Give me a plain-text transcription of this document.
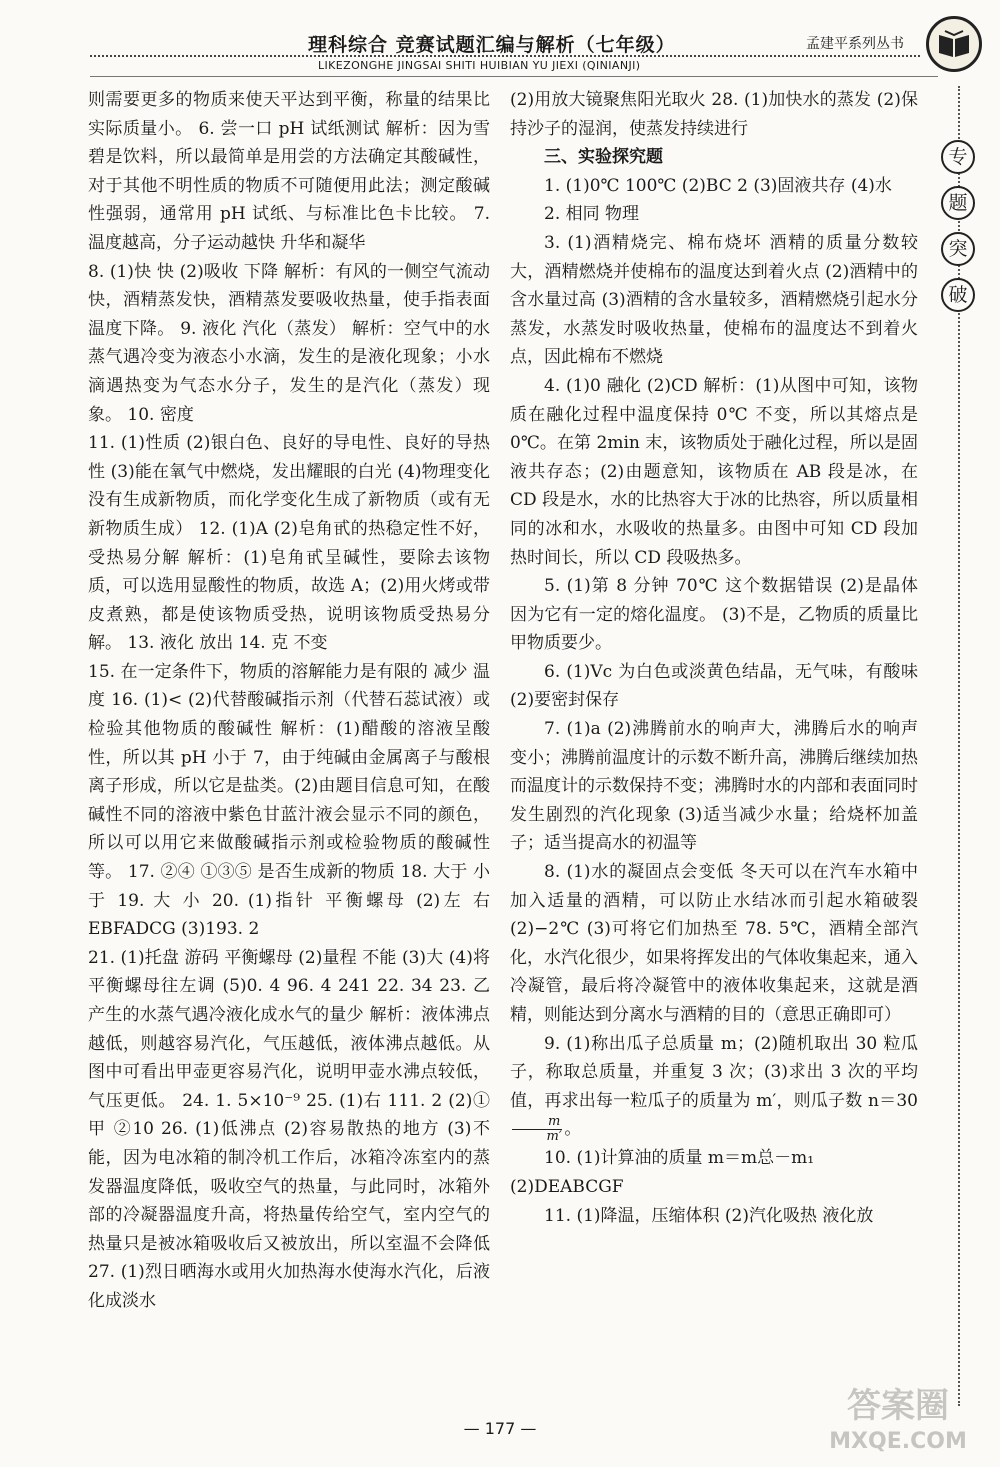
理科综合 竞赛试题汇编与解析（七年级）	孟建平系列丛书
LIKEZONGHE JINGSAI SHITI HUIBIAN YU JIEXI (QINIANJI)
专
题
突
破

则需要更多的物质来使天平达到平衡，称量的结果比实际质量小。 6. 尝一口 pH 试纸测试 解析：因为雪碧是饮料，所以最简单是用尝的方法确定其酸碱性，对于其他不明性质的物质不可随便用此法；测定酸碱性强弱，通常用 pH 试纸、与标准比色卡比较。 7. 温度越高，分子运动越快 升华和凝华

8. (1)快 快 (2)吸收 下降 解析：有风的一侧空气流动快，酒精蒸发快，酒精蒸发要吸收热量，使手指表面温度下降。 9. 液化 汽化（蒸发） 解析：空气中的水蒸气遇冷变为液态小水滴，发生的是液化现象；小水滴遇热变为气态水分子，发生的是汽化（蒸发）现象。 10. 密度

11. (1)性质 (2)银白色、良好的导电性、良好的导热性 (3)能在氧气中燃烧，发出耀眼的白光 (4)物理变化没有生成新物质，而化学变化生成了新物质（或有无新物质生成） 12. (1)A (2)皂角甙的热稳定性不好，受热易分解 解析：(1)皂角甙呈碱性，要除去该物质，可以选用显酸性的物质，故选 A；(2)用火烤或带皮煮熟，都是使该物质受热，说明该物质受热易分解。 13. 液化 放出 14. 克 不变

15. 在一定条件下，物质的溶解能力是有限的 减少 温度 16. (1)< (2)代替酸碱指示剂（代替石蕊试液）或检验其他物质的酸碱性 解析：(1)醋酸的溶液呈酸性，所以其 pH 小于 7，由于纯碱由金属离子与酸根离子形成，所以它是盐类。(2)由题目信息可知，在酸碱性不同的溶液中紫色甘蓝汁液会显示不同的颜色，所以可以用它来做酸碱指示剂或检验物质的酸碱性等。 17. ②④ ①③⑤ 是否生成新的物质 18. 大于 小于 19. 大 小 20. (1)指针 平衡螺母 (2)左 右 EBFADCG (3)193. 2

21. (1)托盘 游码 平衡螺母 (2)量程 不能 (3)大 (4)将平衡螺母往左调 (5)0. 4 96. 4 241 22. 34 23. 乙 产生的水蒸气遇冷液化成水气的量少 解析：液体沸点越低，则越容易汽化，气压越低，液体沸点越低。从图中可看出甲壶更容易汽化，说明甲壶水沸点较低，气压更低。 24. 1. 5×10⁻⁹ 25. (1)右 111. 2 (2)①甲 ②10 26. (1)低沸点 (2)容易散热的地方 (3)不能，因为电冰箱的制冷机工作后，冰箱冷冻室内的蒸发器温度降低，吸收空气的热量，与此同时，冰箱外部的冷凝器温度升高，将热量传给空气，室内空气的热量只是被冰箱吸收后又被放出，所以室温不会降低 27. (1)烈日晒海水或用火加热海水使海水汽化，后液化成淡水

(2)用放大镜聚焦阳光取火 28. (1)加快水的蒸发 (2)保持沙子的湿润，使蒸发持续进行

三、实验探究题

1. (1)0℃ 100℃ (2)BC 2 (3)固液共存 (4)水

2. 相同 物理

3. (1)酒精烧完、棉布烧坏 酒精的质量分数较大，酒精燃烧并使棉布的温度达到着火点 (2)酒精中的含水量过高 (3)酒精的含水量较多，酒精燃烧引起水分蒸发，水蒸发时吸收热量，使棉布的温度达不到着火点，因此棉布不燃烧

4. (1)0 融化 (2)CD 解析：(1)从图中可知，该物质在融化过程中温度保持 0℃ 不变，所以其熔点是 0℃。在第 2min 末，该物质处于融化过程，所以是固液共存态；(2)由题意知，该物质在 AB 段是冰，在 CD 段是水，水的比热容大于冰的比热容，所以质量相同的冰和水，水吸收的热量多。由图中可知 CD 段加热时间长，所以 CD 段吸热多。

5. (1)第 8 分钟 70℃ 这个数据错误 (2)是晶体 因为它有一定的熔化温度。 (3)不是，乙物质的质量比甲物质要少。

6. (1)Vc 为白色或淡黄色结晶，无气味，有酸味 (2)要密封保存

7. (1)a (2)沸腾前水的响声大，沸腾后水的响声变小；沸腾前温度计的示数不断升高，沸腾后继续加热而温度计的示数保持不变；沸腾时水的内部和表面同时发生剧烈的汽化现象 (3)适当减少水量；给烧杯加盖子；适当提高水的初温等

8. (1)水的凝固点会变低 冬天可以在汽车水箱中加入适量的酒精，可以防止水结冰而引起水箱破裂 (2)−2℃ (3)可将它们加热至 78. 5℃，酒精全部汽化，水汽化很少，如果将挥发出的气体收集起来，通入冷凝管，最后将冷凝管中的液体收集起来，这就是酒精，则能达到分离水与酒精的目的（意思正确即可）

9. (1)称出瓜子总质量 m；(2)随机取出 30 粒瓜子，称取总质量，并重复 3 次；(3)求出 3 次的平均值，再求出每一粒瓜子的质量为 m′，则瓜子数 n＝30
$\frac{m}{m'}$ 。

10. (1)计算油的质量 m＝m总－m₁

(2)DEABCGF

11. (1)降温，压缩体积 (2)汽化吸热 液化放

— 177 —
答案圈
MXQE.COM
